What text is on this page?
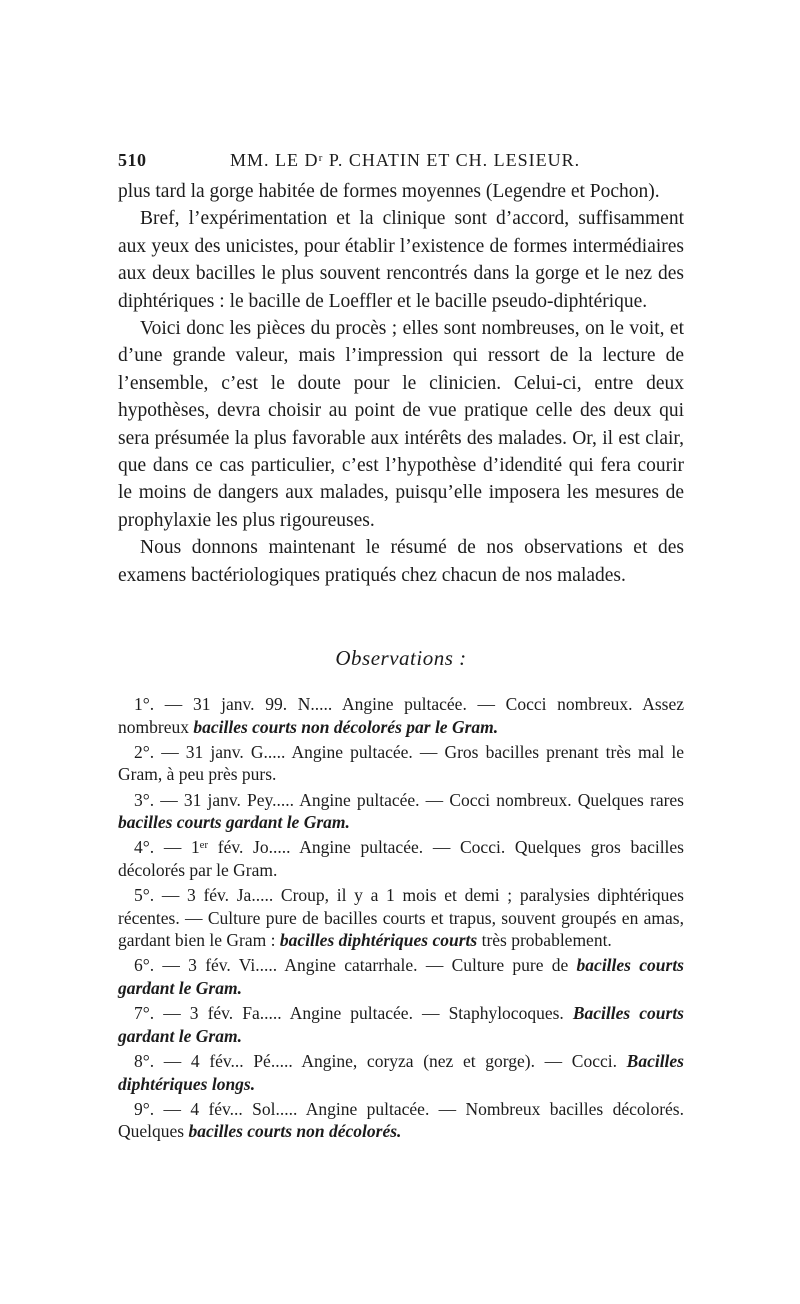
510	MM. LE Dʳ P. CHATIN ET CH. LESIEUR.

plus tard la gorge habitée de formes moyennes (Legendre et Pochon).

Bref, l’expérimentation et la clinique sont d’accord, suffisamment aux yeux des unicistes, pour établir l’existence de formes intermédiaires aux deux bacilles le plus souvent rencontrés dans la gorge et le nez des diphtériques : le bacille de Loeffler et le bacille pseudo-diphtérique.

Voici donc les pièces du procès ; elles sont nombreuses, on le voit, et d’une grande valeur, mais l’impression qui ressort de la lecture de l’ensemble, c’est le doute pour le clinicien. Celui-ci, entre deux hypothèses, devra choisir au point de vue pratique celle des deux qui sera présumée la plus favorable aux intérêts des malades. Or, il est clair, que dans ce cas particulier, c’est l’hypothèse d’idendité qui fera courir le moins de dangers aux malades, puisqu’elle imposera les mesures de prophylaxie les plus rigoureuses.

Nous donnons maintenant le résumé de nos observations et des examens bactériologiques pratiqués chez chacun de nos malades.

Observations :

1°. — 31 janv. 99. N..... Angine pultacée. — Cocci nombreux. Assez nombreux bacilles courts non décolorés par le Gram.

2°. — 31 janv. G..... Angine pultacée. — Gros bacilles prenant très mal le Gram, à peu près purs.

3°. — 31 janv. Pey..... Angine pultacée. — Cocci nombreux. Quelques rares bacilles courts gardant le Gram.

4°. — 1ᵉʳ fév. Jo..... Angine pultacée. — Cocci. Quelques gros bacilles décolorés par le Gram.

5°. — 3 fév. Ja..... Croup, il y a 1 mois et demi ; paralysies diphtériques récentes. — Culture pure de bacilles courts et trapus, souvent groupés en amas, gardant bien le Gram : bacilles diphtériques courts très probablement.

6°. — 3 fév. Vi..... Angine catarrhale. — Culture pure de bacilles courts gardant le Gram.

7°. — 3 fév. Fa..... Angine pultacée. — Staphylocoques. Bacilles courts gardant le Gram.

8°. — 4 fév... Pé..... Angine, coryza (nez et gorge). — Cocci. Bacilles diphtériques longs.

9°. — 4 fév... Sol..... Angine pultacée. — Nombreux bacilles décolorés. Quelques bacilles courts non décolorés.
